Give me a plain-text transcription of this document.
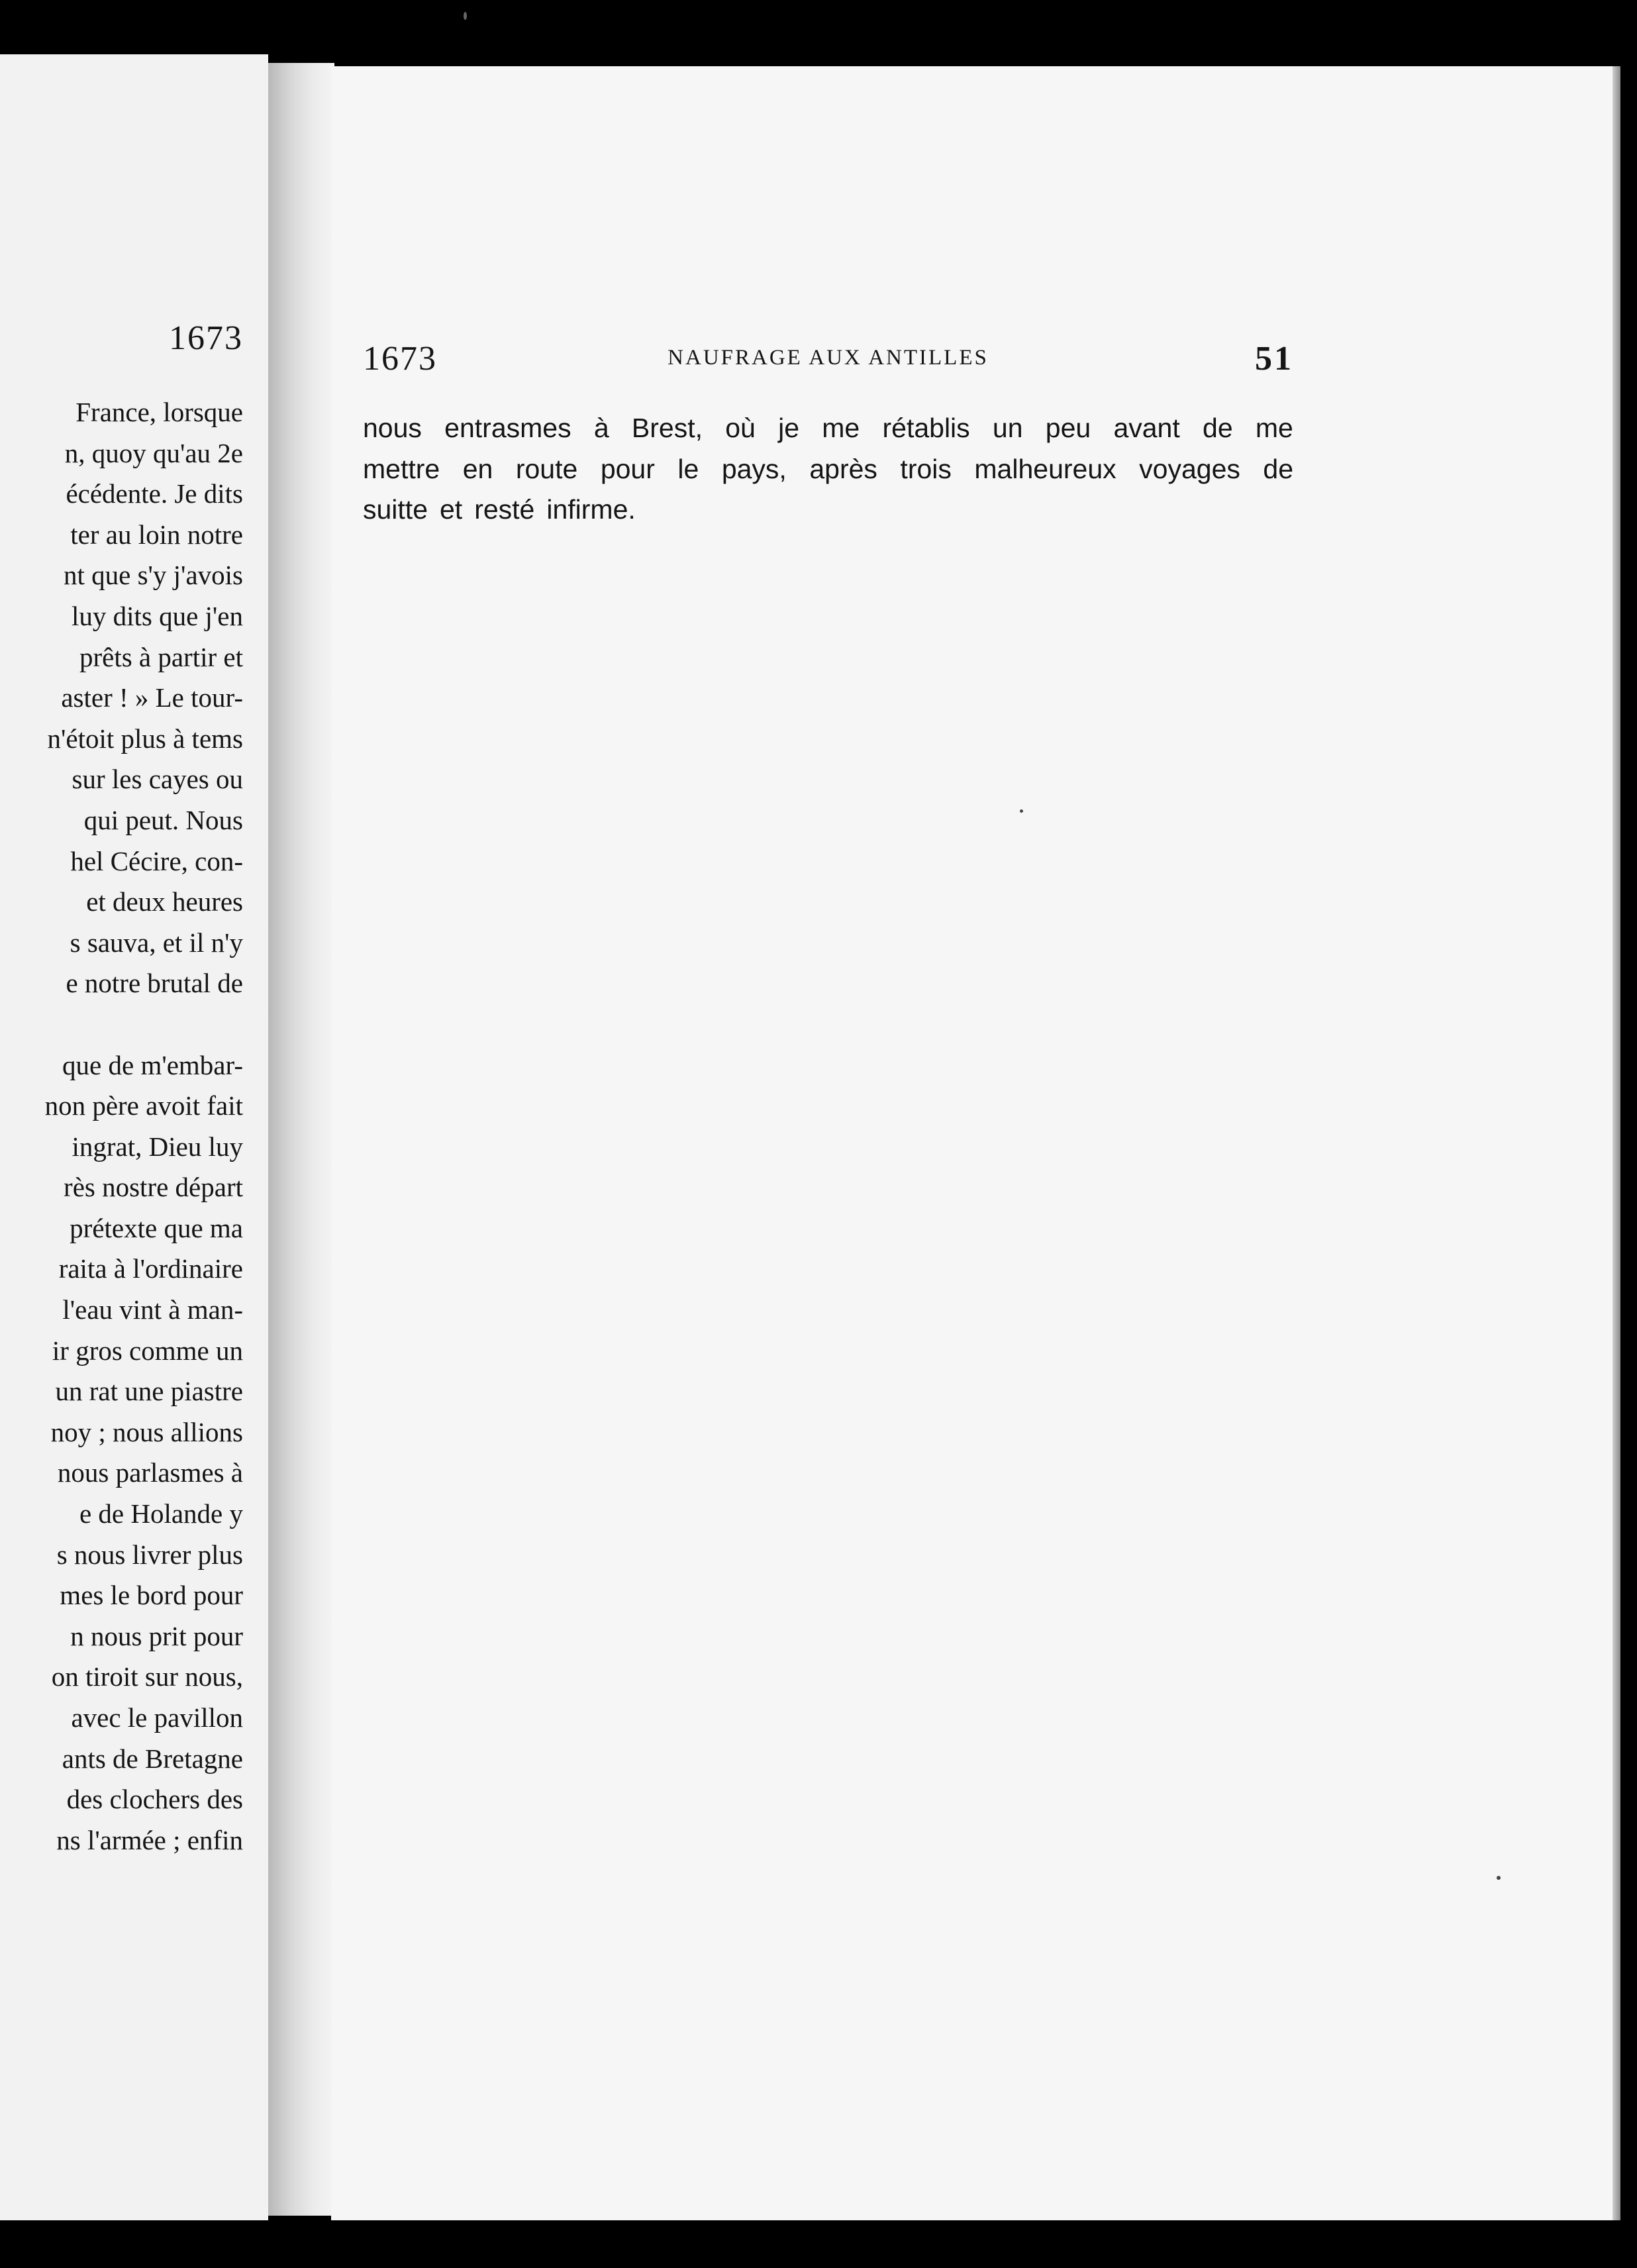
1673
France, lorsque
n, quoy qu'au 2e
écédente. Je dits
ter au loin notre
nt que s'y j'avois
luy dits que j'en
prêts à partir et
aster ! » Le tour-
n'étoit plus à tems
sur les cayes ou
qui peut. Nous
hel Cécire, con-
et deux heures
s sauva, et il n'y
e notre brutal de
que de m'embar-
non père avoit fait
ingrat, Dieu luy
rès nostre départ
prétexte que ma
raita à l'ordinaire
l'eau vint à man-
ir gros comme un
un rat une piastre
noy ; nous allions
nous parlasmes à
e de Holande y
s nous livrer plus
mes le bord pour
n nous prit pour
on tiroit sur nous,
avec le pavillon
ants de Bretagne
des clochers des
ns l'armée ; enfin
1673	NAUFRAGE AUX ANTILLES	51
nous entrasmes à Brest, où je me rétablis un peu avant de me
mettre en route pour le pays, après trois malheureux voyages de
suitte et resté infirme.
